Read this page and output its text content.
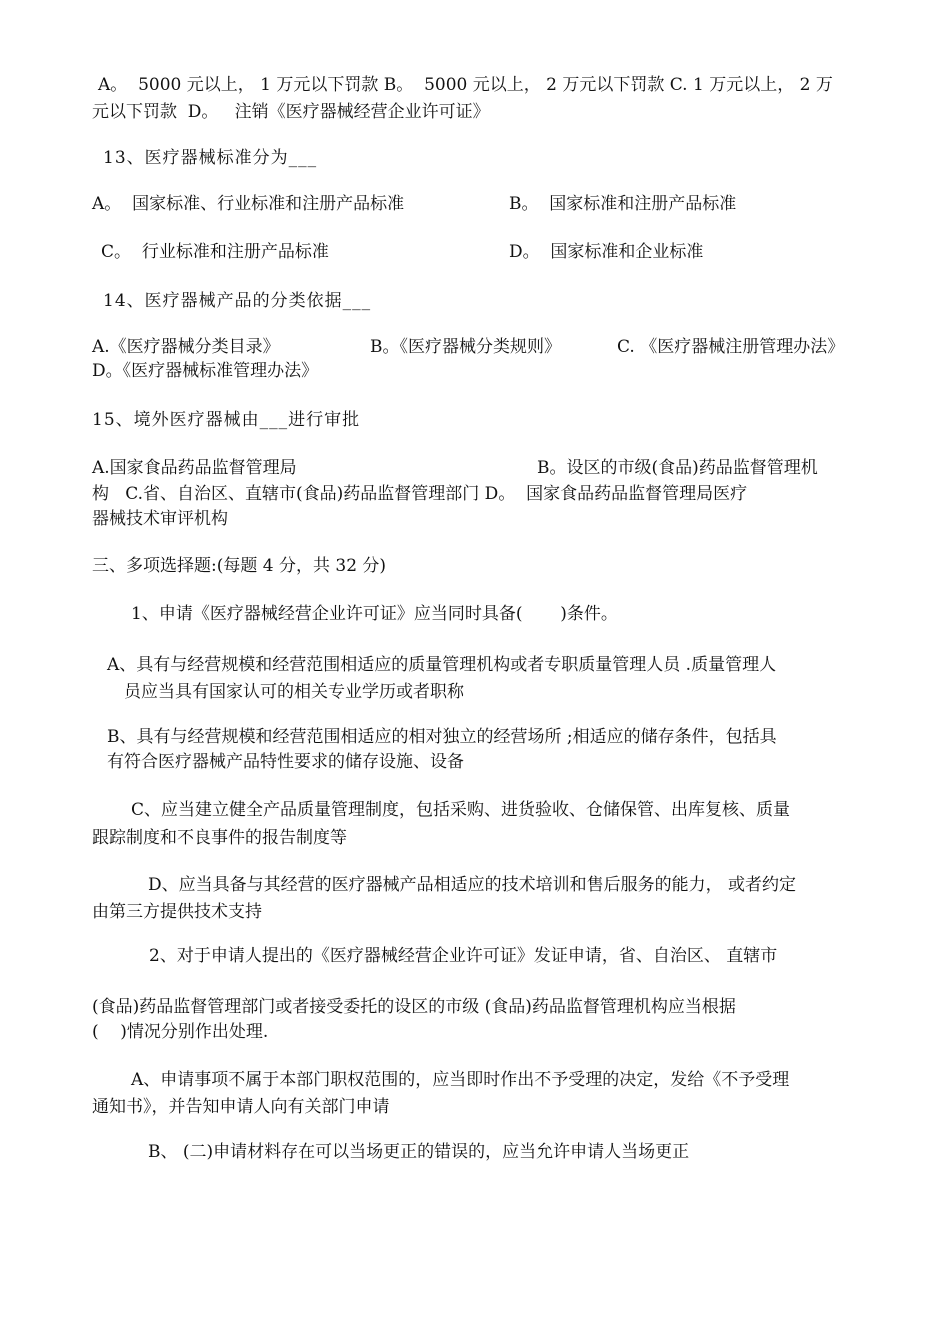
A。  5000 元以上， 1 万元以下罚款 B。  5000 元以上， 2 万元以下罚款 C. 1 万元以上， 2 万
元以下罚款  D。   注销《医疗器械经营企业许可证》
13、医疗器械标准分为___
A。  国家标准、行业标准和注册产品标准	B。  国家标准和注册产品标准
C。  行业标准和注册产品标准	D。  国家标准和企业标准
14、医疗器械产品的分类依据___
A.《医疗器械分类目录》	B。《医疗器械分类规则》	C. 《医疗器械注册管理办法》
D。《医疗器械标准管理办法》
15、境外医疗器械由___进行审批
A.国家食品药品监督管理局	B。设区的市级(食品)药品监督管理机
构   C.省、自治区、直辖市(食品)药品监督管理部门 D。  国家食品药品监督管理局医疗
器械技术审评机构
三、多项选择题:(每题 4 分，共 32 分)
1、申请《医疗器械经营企业许可证》应当同时具备(       )条件。
A、具有与经营规模和经营范围相适应的质量管理机构或者专职质量管理人员 .质量管理人
员应当具有国家认可的相关专业学历或者职称
B、具有与经营规模和经营范围相适应的相对独立的经营场所 ;相适应的储存条件，包括具
有符合医疗器械产品特性要求的储存设施、设备
C、应当建立健全产品质量管理制度，包括采购、进货验收、仓储保管、出库复核、质量
跟踪制度和不良事件的报告制度等
D、应当具备与其经营的医疗器械产品相适应的技术培训和售后服务的能力， 或者约定
由第三方提供技术支持
2、对于申请人提出的《医疗器械经营企业许可证》发证申请，省、自治区、 直辖市
(食品)药品监督管理部门或者接受委托的设区的市级 (食品)药品监督管理机构应当根据
(    )情况分别作出处理.
A、申请事项不属于本部门职权范围的，应当即时作出不予受理的决定，发给《不予受理
通知书》，并告知申请人向有关部门申请
B、 (二)申请材料存在可以当场更正的错误的，应当允许申请人当场更正
